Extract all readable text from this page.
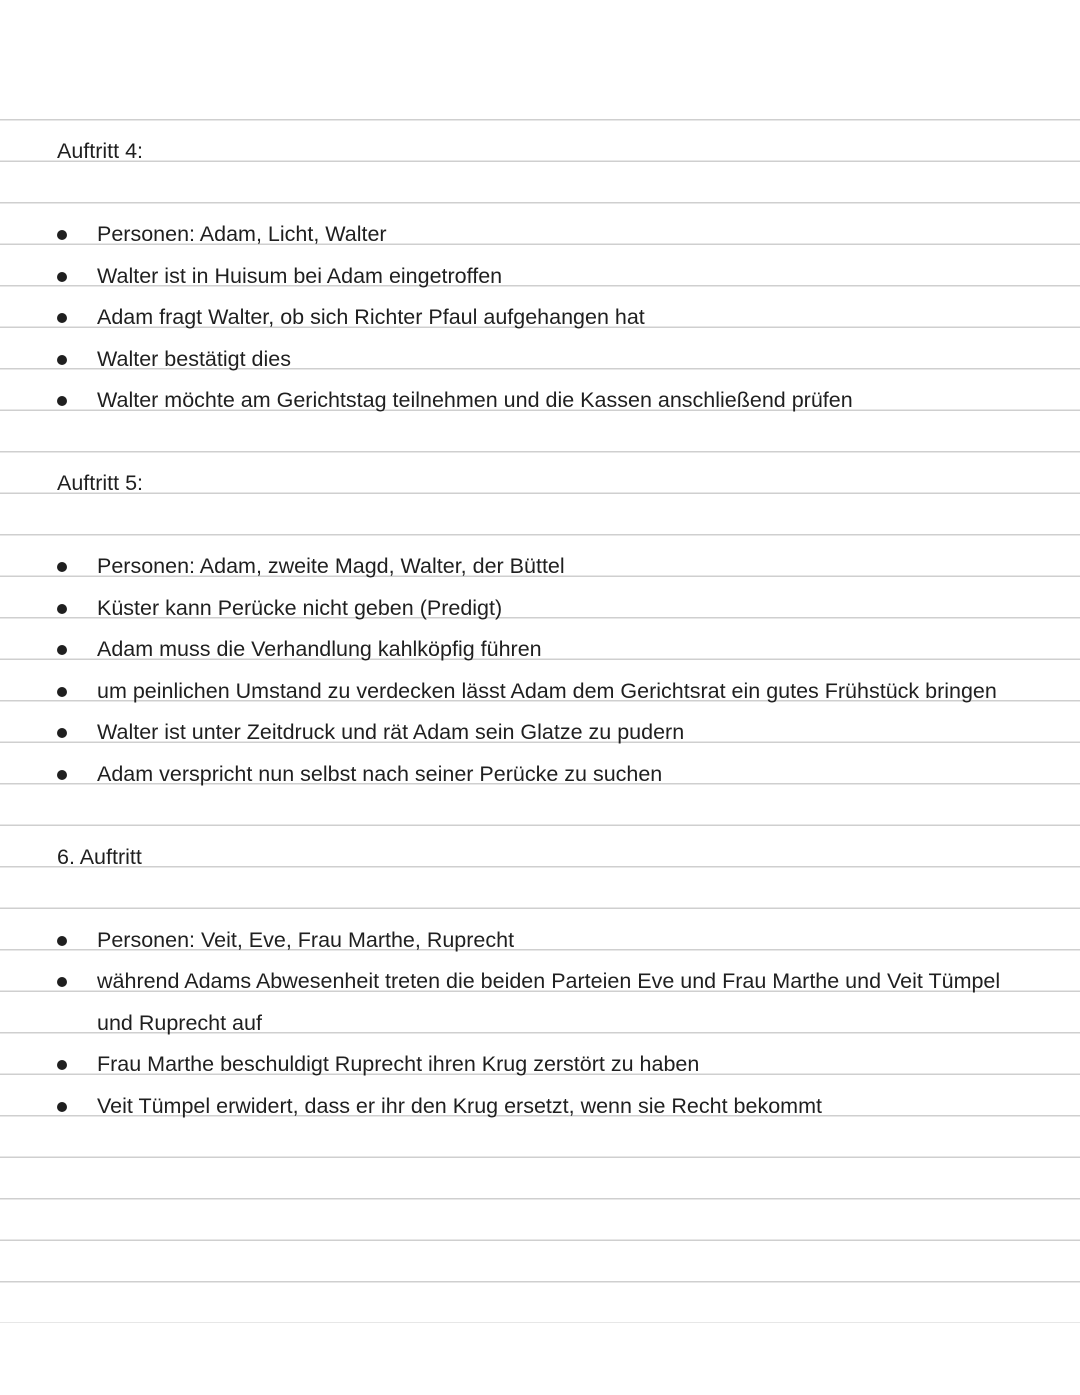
Auftritt 4:
Personen: Adam, Licht, Walter
Walter ist in Huisum bei Adam eingetroffen
Adam fragt Walter, ob sich Richter Pfaul aufgehangen hat
Walter bestätigt dies
Walter möchte am Gerichtstag teilnehmen und die Kassen anschließend prüfen
Auftritt 5:
Personen: Adam, zweite Magd, Walter, der Büttel
Küster kann Perücke nicht geben (Predigt)
Adam muss die Verhandlung kahlköpfig führen
um peinlichen Umstand zu verdecken lässt Adam dem Gerichtsrat ein gutes Frühstück bringen
Walter ist unter Zeitdruck und rät Adam sein Glatze zu pudern
Adam verspricht nun selbst nach seiner Perücke zu suchen
6. Auftritt
Personen: Veit, Eve, Frau Marthe, Ruprecht
während Adams Abwesenheit treten die beiden Parteien Eve und Frau Marthe und Veit Tümpel und Ruprecht auf
Frau Marthe beschuldigt Ruprecht ihren Krug zerstört zu haben
Veit Tümpel erwidert, dass er ihr den Krug ersetzt, wenn sie Recht bekommt
